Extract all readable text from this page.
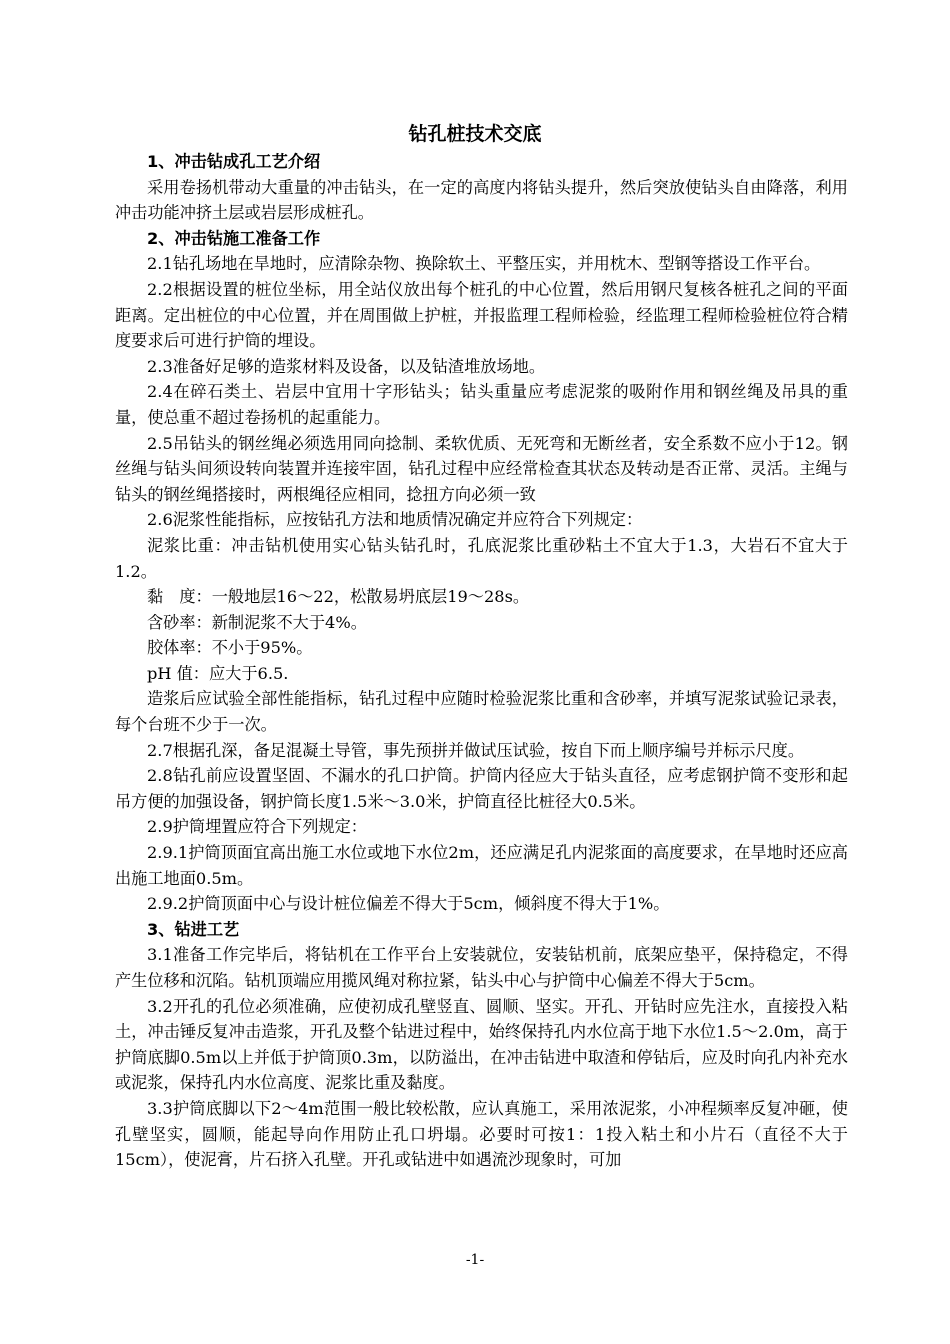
钻孔桩技术交底

1、冲击钻成孔工艺介绍

采用卷扬机带动大重量的冲击钻头，在一定的高度内将钻头提升，然后突放使钻头自由降落，利用冲击功能冲挤土层或岩层形成桩孔。

2、冲击钻施工准备工作

2.1钻孔场地在旱地时，应清除杂物、换除软土、平整压实，并用枕木、型钢等搭设工作平台。

2.2根据设置的桩位坐标，用全站仪放出每个桩孔的中心位置，然后用钢尺复核各桩孔之间的平面距离。定出桩位的中心位置，并在周围做上护桩，并报监理工程师检验，经监理工程师检验桩位符合精度要求后可进行护筒的埋设。

2.3准备好足够的造浆材料及设备，以及钻渣堆放场地。

2.4在碎石类土、岩层中宜用十字形钻头；钻头重量应考虑泥浆的吸附作用和钢丝绳及吊具的重量，使总重不超过卷扬机的起重能力。

2.5吊钻头的钢丝绳必须选用同向捻制、柔软优质、无死弯和无断丝者，安全系数不应小于12。钢丝绳与钻头间须设转向装置并连接牢固，钻孔过程中应经常检查其状态及转动是否正常、灵活。主绳与钻头的钢丝绳搭接时，两根绳径应相同，捻扭方向必须一致

2.6泥浆性能指标，应按钻孔方法和地质情况确定并应符合下列规定：

泥浆比重：冲击钻机使用实心钻头钻孔时，孔底泥浆比重砂粘土不宜大于1.3，大岩石不宜大于1.2。

黏　度：一般地层16～22，松散易坍底层19～28s。

含砂率：新制泥浆不大于4%。

胶体率：不小于95%。

pH 值：应大于6.5.

造浆后应试验全部性能指标，钻孔过程中应随时检验泥浆比重和含砂率，并填写泥浆试验记录表，每个台班不少于一次。

2.7根据孔深，备足混凝土导管，事先预拼并做试压试验，按自下而上顺序编号并标示尺度。

2.8钻孔前应设置坚固、不漏水的孔口护筒。护筒内径应大于钻头直径，应考虑钢护筒不变形和起吊方便的加强设备，钢护筒长度1.5米～3.0米，护筒直径比桩径大0.5米。

2.9护筒埋置应符合下列规定：

2.9.1护筒顶面宜高出施工水位或地下水位2m，还应满足孔内泥浆面的高度要求，在旱地时还应高出施工地面0.5m。

2.9.2护筒顶面中心与设计桩位偏差不得大于5cm，倾斜度不得大于1%。

3、钻进工艺

3.1准备工作完毕后，将钻机在工作平台上安装就位，安装钻机前，底架应垫平，保持稳定，不得产生位移和沉陷。钻机顶端应用揽风绳对称拉紧，钻头中心与护筒中心偏差不得大于5cm。

3.2开孔的孔位必须准确，应使初成孔壁竖直、圆顺、坚实。开孔、开钻时应先注水，直接投入粘土，冲击锤反复冲击造浆，开孔及整个钻进过程中，始终保持孔内水位高于地下水位1.5～2.0m，高于护筒底脚0.5m以上并低于护筒顶0.3m，以防溢出，在冲击钻进中取渣和停钻后，应及时向孔内补充水或泥浆，保持孔内水位高度、泥浆比重及黏度。

3.3护筒底脚以下2～4m范围一般比较松散，应认真施工，采用浓泥浆，小冲程频率反复冲砸，使孔壁坚实，圆顺，能起导向作用防止孔口坍塌。必要时可按1：1投入粘土和小片石（直径不大于15cm），使泥膏，片石挤入孔壁。开孔或钻进中如遇流沙现象时，可加

-1-
